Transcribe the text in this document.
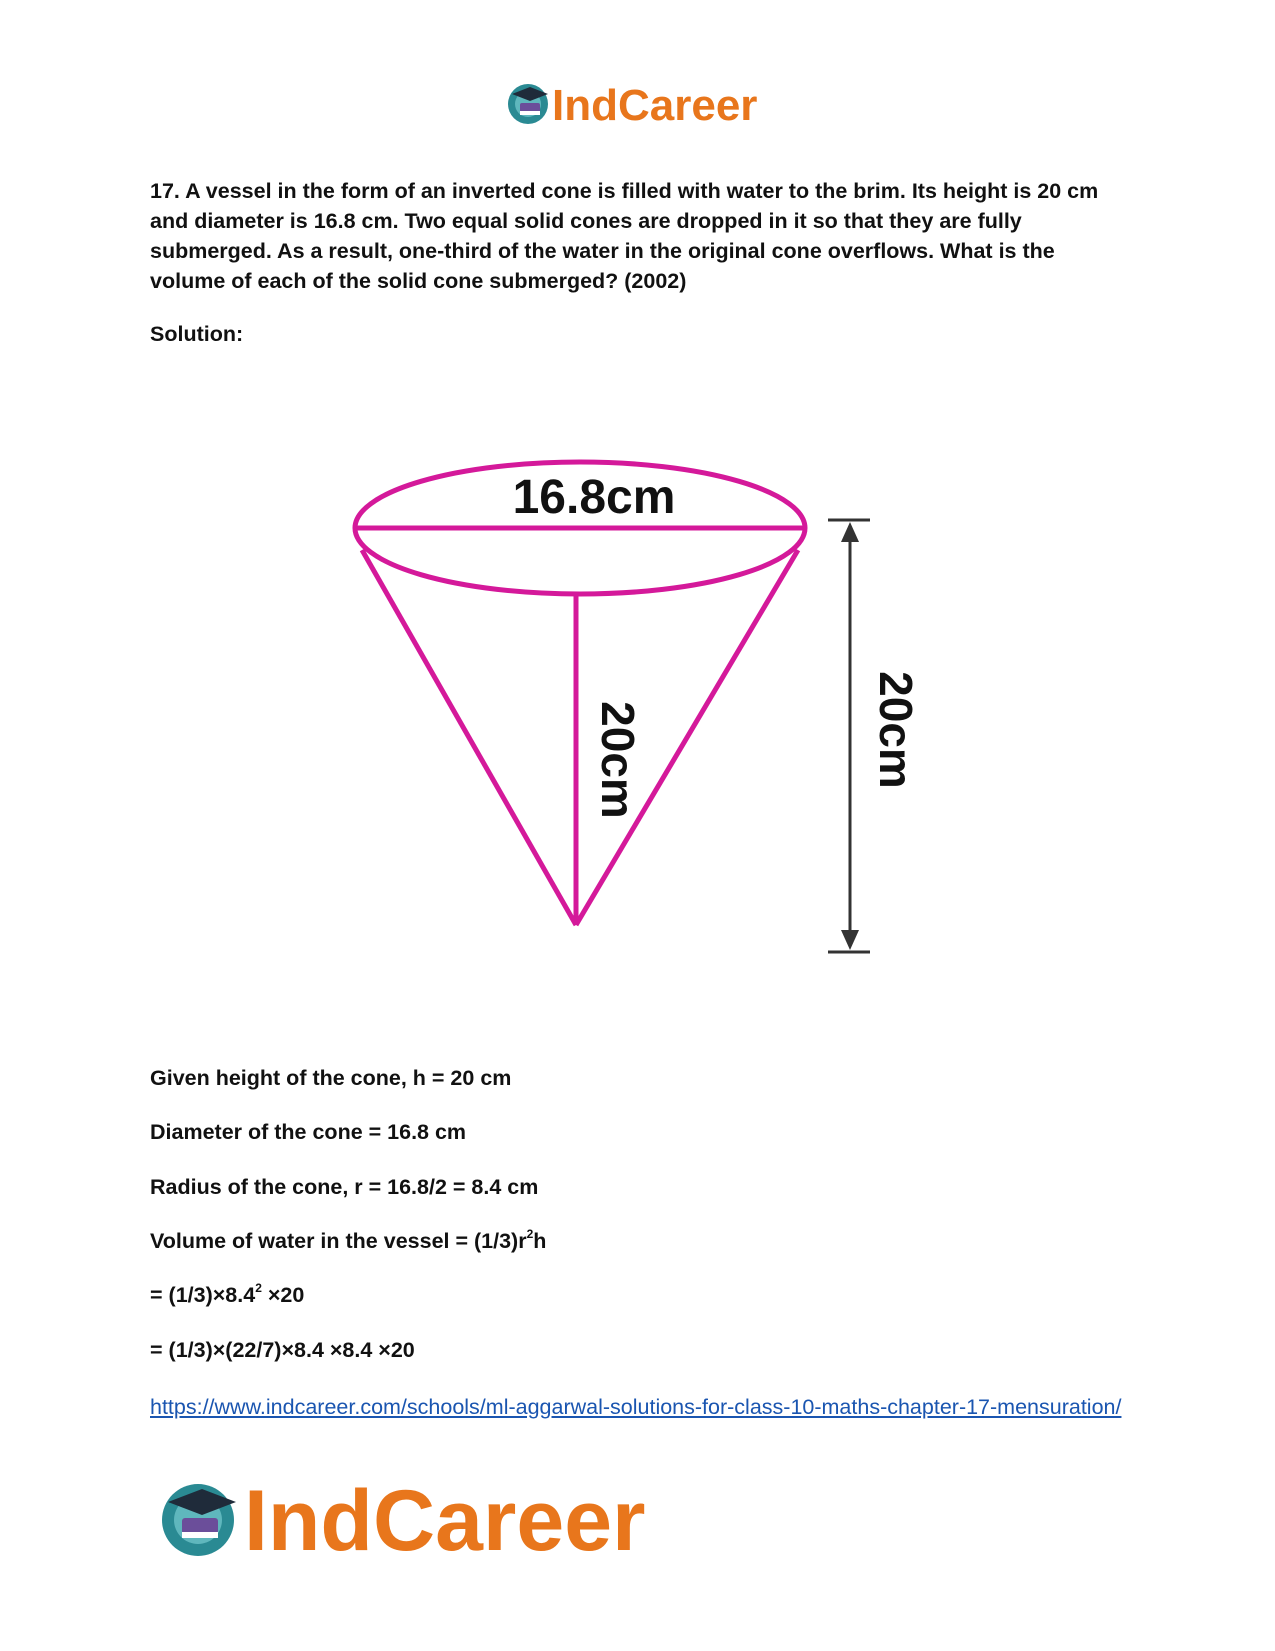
IndCareer

17. A vessel in the form of an inverted cone is filled with water to the brim. Its height is 20 cm and diameter is 16.8 cm. Two equal solid cones are dropped in it so that they are fully submerged. As a result, one-third of the water in the original cone overflows. What is the volume of each of the solid cone submerged? (2002)

Solution:

16.8cm
20cm	20cm

Given height of the cone, h = 20 cm

Diameter of the cone = 16.8 cm

Radius of the cone, r = 16.8/2 = 8.4 cm

Volume of water in the vessel = $(1/3)r^2h$

= $(1/3)\times 8.4^2 \times 20$

= (1/3)×(22/7)×8.4 ×8.4 ×20

https://www.indcareer.com/schools/ml-aggarwal-solutions-for-class-10-maths-chapter-17-mensuration/
IndCareer
